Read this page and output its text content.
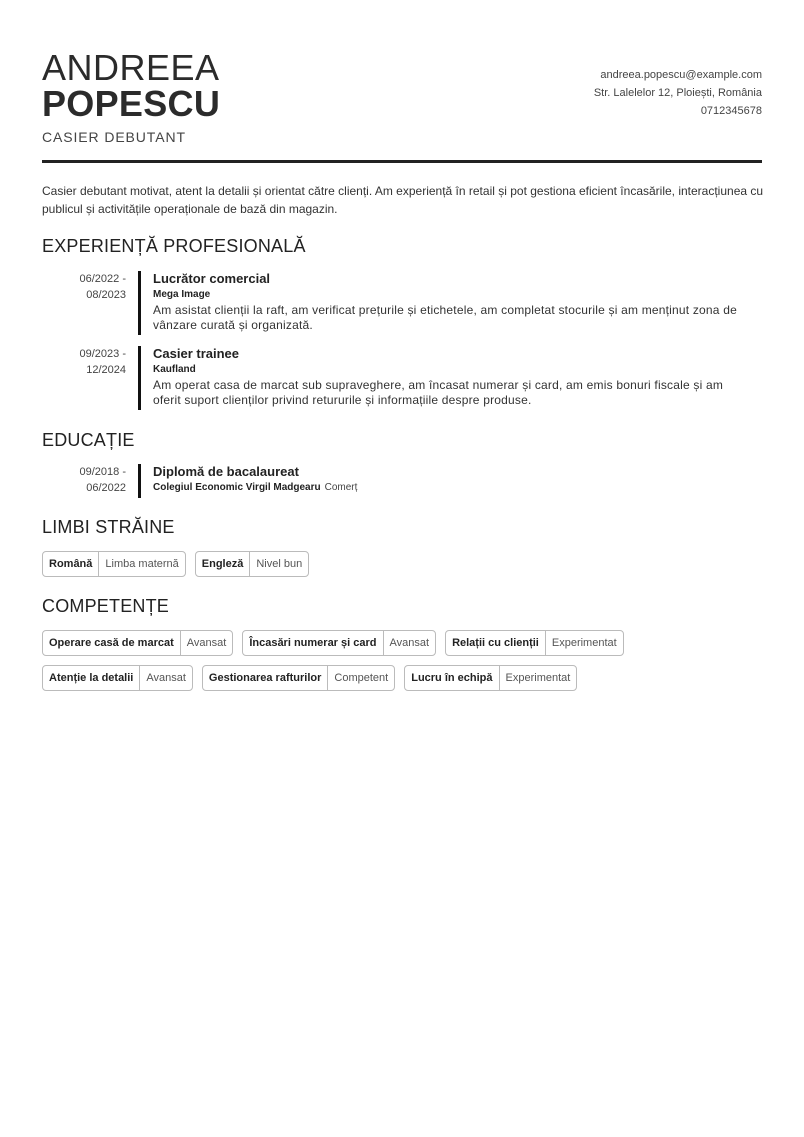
ANDREEA
POPESCU
CASIER DEBUTANT
andreea.popescu@example.com
Str. Lalelelor 12, Ploiești, România
0712345678
Casier debutant motivat, atent la detalii și orientat către clienți. Am experiență în retail și pot gestiona eficient încasările, interacțiunea cu publicul și activitățile operaționale de bază din magazin.
EXPERIENȚĂ PROFESIONALĂ
06/2022 -
08/2023
Lucrător comercial
Mega Image
Am asistat clienții la raft, am verificat prețurile și etichetele, am completat stocurile și am menținut zona de vânzare curată și organizată.
09/2023 -
12/2024
Casier trainee
Kaufland
Am operat casa de marcat sub supraveghere, am încasat numerar și card, am emis bonuri fiscale și am oferit suport clienților privind retururile și informațiile despre produse.
EDUCAȚIE
09/2018 -
06/2022
Diplomă de bacalaureat
Colegiul Economic Virgil Madgearu Comerț
LIMBI STRĂINE
Română	Limba maternă	Engleză	Nivel bun
COMPETENȚE
Operare casă de marcat	Avansat	Încasări numerar și card	Avansat	Relații cu clienții	Experimentat
Atenție la detalii	Avansat	Gestionarea rafturilor	Competent	Lucru în echipă	Experimentat
